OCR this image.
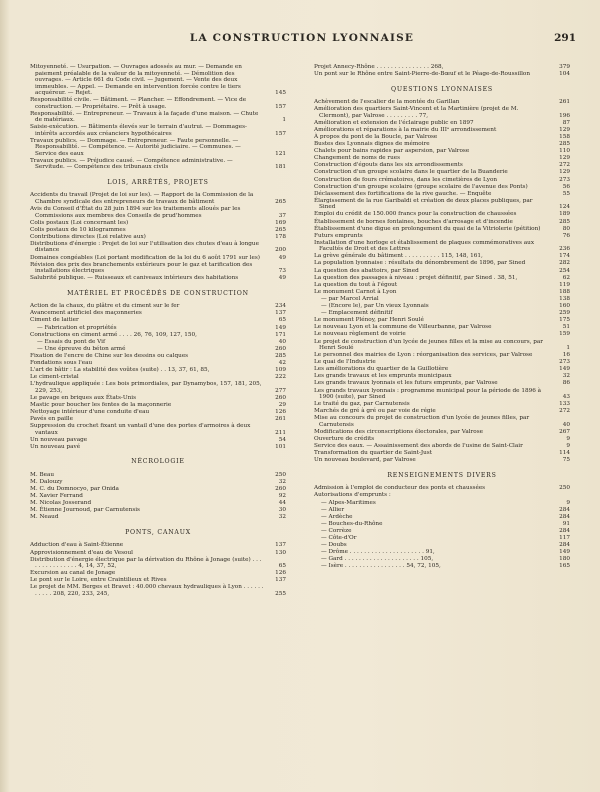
LA CONSTRUCTION LYONNAISE	291
Mitoyenneté. — Usurpation. — Ouvrages adossés au mur. — Demande en paiement préalable de la valeur de la mitoyenneté. — Démolition des ouvrages. — Article 661 du Code civil. — Jugement. — Vente des deux immeubles. — Appel. — Demande en intervention forcée contre le tiers acquéreur. — Rejet.	145
Responsabilité civile. — Bâtiment. — Plancher. — Effondrement. — Vice de construction. — Propriétaire. — Prêt à usage.	157
Responsabilité. — Entrepreneur. — Travaux à la façade d'une maison. — Chute de matériaux.	1
Saisie-exécution. — Bâtiments élevés sur le terrain d'autrui. — Dommages-intérêts accordés aux créanciers hypothécaires	157
Travaux publics. — Dommage. — Entrepreneur. — Faute personnelle. — Responsabilité. — Compétence. — Autorité judiciaire. — Communes. — Service des eaux	121
Travaux publics. — Préjudice causé. — Compétence administrative. — Servitude. — Compétence des tribunaux civils	181
LOIS, ARRÊTÉS, PROJETS
Accidents du travail (Projet de loi sur les). — Rapport de la Commission de la Chambre syndicale des entrepreneurs de travaux de bâtiment	265
Avis du Conseil d'État du 28 juin 1894 sur les traitements alloués par les Commissions aux membres des Conseils de prud'hommes	37
Colis postaux (Loi concernant les)	169
Colis postaux de 10 kilogrammes	265
Contributions directes (Loi relative aux)	178
Distributions d'énergie : Projet de loi sur l'utilisation des chutes d'eau à longue distance	200
Domaines congéables (Loi portant modification de la loi du 6 août 1791 sur les)	49
Révision des prix des branchements extérieurs pour le gaz et tarification des installations électriques	73
Salubrité publique. — Ruisseaux et caniveaux intérieurs des habitations	49
MATÉRIEL ET PROCÉDÉS DE CONSTRUCTION
Action de la chaux, du plâtre et du ciment sur le fer	234
Avancement artificiel des maçonneries	137
Ciment de laitier	65
— Fabrication et propriétés	149
Constructions en ciment armé . . . . 26, 76, 109, 127, 150,	171
— Essais du pont de Vif	40
— Une épreuve du béton armé	260
Fixation de l'encre de Chine sur les dessins ou calques	285
Fondations sous l'eau	42
L'art de bâtir : La stabilité des voûtes (suite) . . 13, 37, 61, 85,	109
Le ciment-cristal	222
L'hydraulique appliquée : Les bois primordiales, par Dynamybos, 157, 181, 205, 229, 253,	277
Le pavage en briques aux États-Unis	260
Mastic pour boucher les fentes de la maçonnerie	29
Nettoyage intérieur d'une conduite d'eau	126
Pavés en paille	261
Suppression du crochet fixant un vantail d'une des portes d'armoires à deux vantaux	211
Un nouveau pavage	54
Un nouveau pavé	101
NÉCROLOGIE
M. Beau	250
M. Dalouzy	32
M. C. du Domnocyo, par Onida	260
M. Xavier Ferrand	92
M. Nicolas Josserand	44
M. Étienne Journoud, par Carnutensis	30
M. Neaud	32
PONTS, CANAUX
Adduction d'eau à Saint-Étienne	137
Approvisionnement d'eau de Vesoul	130
Distribution d'énergie électrique par la dérivation du Rhône à Jonage (suite) . . . . . . . . . . . . . . . 4, 14, 37, 52,	65
Excursion au canal de Jonage	126
Le pont sur le Loire, entre Craintilieux et Rives	137
Le projet de MM. Berges et Bravet : 40.000 chevaux hydrauliques à Lyon . . . . . . . . . . . 208, 220, 233, 245,	255
Projet Annecy-Rhône . . . . . . . . . . . . . . . 268,	379
Un pont sur le Rhône entre Saint-Pierre-de-Bœuf et le Péage-de-Roussillon	104
QUESTIONS LYONNAISES
Achèvement de l'escalier de la montée du Garillan	261
Amélioration des quartiers Saint-Vincent et la Martinière (projet de M. Clermont), par Valrose . . . . . . . . . 77,	196
Amélioration et extension de l'éclairage public en 1897	87
Améliorations et réparations à la mairie du IIIᵉ arrondissement	129
À propos du pont de la Boucle, par Valrose	158
Bustes des Lyonnais dignes de mémoire	285
Chalets pour bains rapides par aspersion, par Valrose	110
Changement de noms de rues	129
Construction d'égouts dans les six arrondissements	272
Construction d'un groupe scolaire dans le quartier de la Buanderie	129
Construction de fours crématoires, dans les cimetières de Lyon	273
Construction d'un groupe scolaire (groupe scolaire de l'avenue des Ponts)	56
Déclassement des fortifications de la rive gauche. — Enquête	55
Élargissement de la rue Garibaldi et création de deux places publiques, par Sined	124
Emploi du crédit de 150.000 francs pour la construction de chaussées	189
Établissement de bornes fontaines, bouches d'arrosage et d'incendie	285
Établissement d'une digue en prolongement du quai de la Vitriolerie (pétition)	80
Futurs emprunts	76
Installation d'une horloge et établissement de plaques commémoratives aux Facultés de Droit et des Lettres	236
La grève générale du bâtiment . . . . . . . . . . 115, 148, 161,	174
La population lyonnaise : résultats du dénombrement de 1896, par Sined	282
La question des abattoirs, par Sined	254
La question des passages à niveau : projet définitif, par Sined . 38, 51,	62
La question du tout à l'égout	119
Le monument Carnot à Lyon	188
— par Marcel Arrial	138
— (Encore le), par Un vieux Lyonnais	160
— Emplacement définitif	259
Le monument Plénoy, par Henri Soulé	175
Le nouveau Lyon et la commune de Villeurbanne, par Valrose	51
Le nouveau règlement de voirie	159
Le projet de construction d'un lycée de jeunes filles et la mise au concours, par Henri Soulé	1
Le personnel des mairies de Lyon : réorganisation des services, par Valrose	16
Le quai de l'Industrie	273
Les améliorations du quartier de la Guillotière	149
Les grands travaux et les emprunts municipaux	32
Les grands travaux lyonnais et les futurs emprunts, par Valrose	86
Les grands travaux lyonnais : programme municipal pour la période de 1896 à 1900 (suite), par Sined	43
Le traité du gaz, par Carnutensis	133
Marchés de gré à gré ou par voie de régie	272
Mise au concours du projet de construction d'un lycée de jeunes filles, par Carnutensis	40
Modifications des circonscriptions électorales, par Valrose	267
Ouverture de crédits	9
Service des eaux. — Assainissement des abords de l'usine de Saint-Clair	9
Transformation du quartier de Saint-Just	114
Un nouveau boulevard, par Valrose	75
RENSEIGNEMENTS DIVERS
Admission à l'emploi de conducteur des ponts et chaussées	250
Autorisations d'emprunts :
— Alpes-Maritimes	9
— Allier	284
— Ardèche	284
— Bouches-du-Rhône	91
— Corrèze	284
— Côte-d'Or	117
— Doubs	284
— Drôme . . . . . . . . . . . . . . . . . . . . . 91,	149
— Gard . . . . . . . . . . . . . . . . . . . . . 105,	180
— Isère . . . . . . . . . . . . . . . . . 54, 72, 105,	165
